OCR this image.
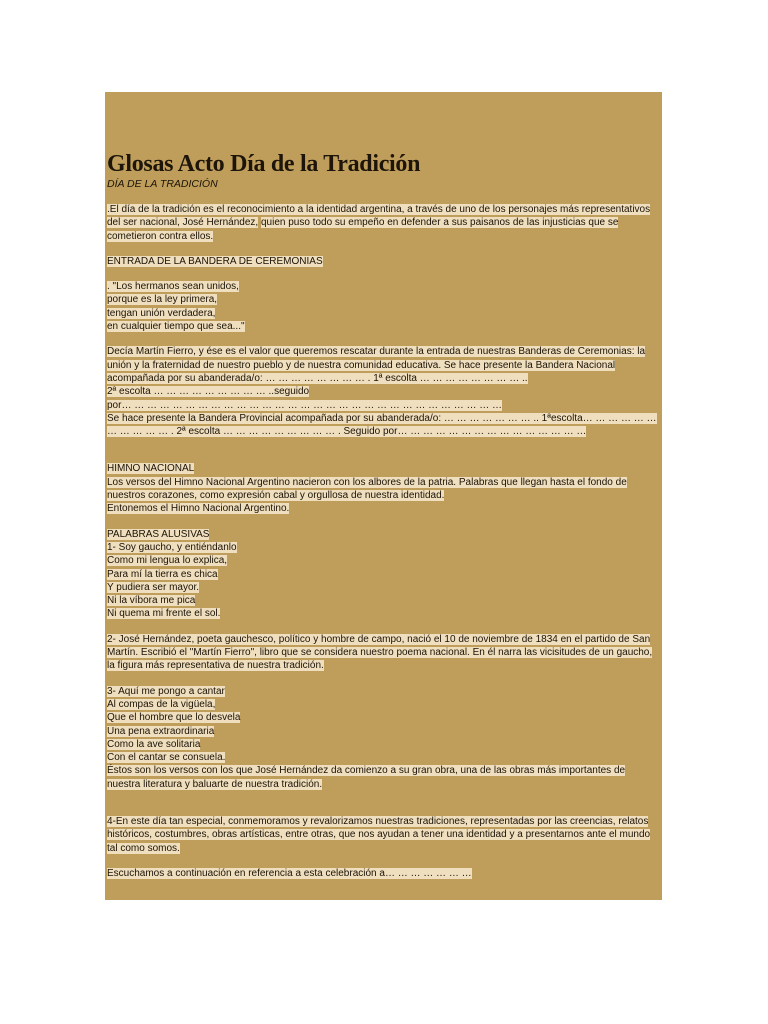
Glosas Acto Día de la Tradición
DÍA DE LA TRADICIÓN
.El día de la tradición es el reconocimiento a la identidad argentina, a través de uno de los personajes más representativos del ser nacional, José Hernández, quien puso todo su empeño en defender a sus paisanos de las injusticias que se cometieron contra ellos.
ENTRADA DE LA BANDERA DE CEREMONIAS
. "Los hermanos sean unidos,
porque es la ley primera,
tengan unión verdadera,
en cualquier tiempo que sea..."
Decía Martín Fierro, y ése es el valor que queremos rescatar durante la entrada de nuestras Banderas de Ceremonias: la unión y la fraternidad de nuestro pueblo y de nuestra comunidad educativa. Se hace presente la Bandera Nacional acompañada por su abanderada/o: … … … … … … … … . 1ª escolta … … … … … … … … ..
2ª escolta … … … … … … … … … ..seguido
por… … … … … … … … … … … … … … … … … … … … … … … … … … … … … …
Se hace presente la Bandera Provincial acompañada por su abanderada/o: … … … … … … … .. 1ªescolta… … … … … … … … … … … . 2ª escolta … … … … … … … … … . Seguido por… … … … … … … … … … … … … … …
HIMNO NACIONAL
Los versos del Himno Nacional Argentino nacieron con los albores de la patria. Palabras que llegan hasta el fondo de nuestros corazones, como expresión cabal y orgullosa de nuestra identidad.
Entonemos el Himno Nacional Argentino.
PALABRAS ALUSIVAS
1- Soy gaucho, y entiéndanlo
Como mi lengua lo explica,
Para mí la tierra es chica
Y pudiera ser mayor.
Ni la víbora me pica
Ni quema mi frente el sol.
2- José Hernández, poeta gauchesco, político y hombre de campo, nació el 10 de noviembre de 1834 en el partido de San Martín. Escribió el "Martín Fierro", libro que se considera nuestro poema nacional. En él narra las vicisitudes de un gaucho, la figura más representativa de nuestra tradición.
3- Aquí me pongo a cantar
Al compas de la vigüela,
Que el hombre que lo desvela
Una pena extraordinaria
Como la ave solitaria
Con el cantar se consuela.
Éstos son los versos con los que José Hernández da comienzo a su gran obra, una de las obras más importantes de nuestra literatura y baluarte de nuestra tradición.
4-En este día tan especial, conmemoramos y revalorizamos nuestras tradiciones, representadas por las creencias, relatos históricos, costumbres, obras artísticas, entre otras, que nos ayudan a tener una identidad y a presentarnos ante el mundo tal como somos.
Escuchamos a continuación en referencia a esta celebración a… … … … … … …
